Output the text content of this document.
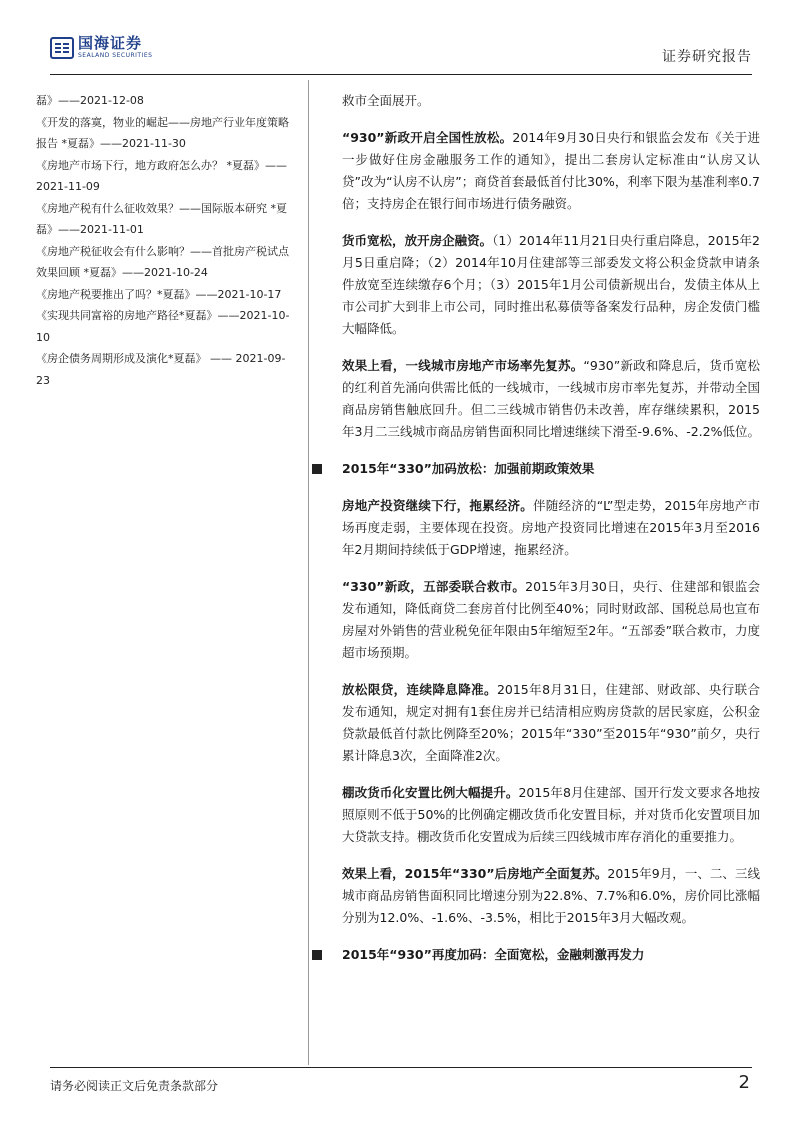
国海证券
SEALAND SECURITIES	证券研究报告
磊》——2021-12-08
《开发的落寞，物业的崛起——房地产行业年度策略报告 *夏磊》——2021-11-30
《房地产市场下行，地方政府怎么办？ *夏磊》——2021-11-09
《房地产税有什么征收效果？——国际版本研究 *夏磊》——2021-11-01
《房地产税征收会有什么影响？——首批房产税试点效果回顾 *夏磊》——2021-10-24
《房地产税要推出了吗？*夏磊》——2021-10-17
《实现共同富裕的房地产路径*夏磊》——2021-10-10
《房企债务周期形成及演化*夏磊》 —— 2021-09-23

救市全面展开。

“930”新政开启全国性放松。2014年9月30日央行和银监会发布《关于进一步做好住房金融服务工作的通知》，提出二套房认定标准由“认房又认贷”改为“认房不认房”；商贷首套最低首付比30%，利率下限为基准利率0.7倍；支持房企在银行间市场进行债务融资。

货币宽松，放开房企融资。（1）2014年11月21日央行重启降息，2015年2月5日重启降；（2）2014年10月住建部等三部委发文将公积金贷款申请条件放宽至连续缴存6个月；（3）2015年1月公司债新规出台，发债主体从上市公司扩大到非上市公司，同时推出私募债等备案发行品种，房企发债门槛大幅降低。

效果上看，一线城市房地产市场率先复苏。“930”新政和降息后，货币宽松的红利首先涌向供需比低的一线城市，一线城市房市率先复苏，并带动全国商品房销售触底回升。但二三线城市销售仍未改善，库存继续累积，2015年3月二三线城市商品房销售面积同比增速继续下滑至-9.6%、-2.2%低位。

2015年“330”加码放松：加强前期政策效果

房地产投资继续下行，拖累经济。伴随经济的“L”型走势，2015年房地产市场再度走弱，主要体现在投资。房地产投资同比增速在2015年3月至2016年2月期间持续低于GDP增速，拖累经济。

“330”新政，五部委联合救市。2015年3月30日，央行、住建部和银监会发布通知，降低商贷二套房首付比例至40%；同时财政部、国税总局也宣布房屋对外销售的营业税免征年限由5年缩短至2年。“五部委”联合救市，力度超市场预期。

放松限贷，连续降息降准。2015年8月31日，住建部、财政部、央行联合发布通知，规定对拥有1套住房并已结清相应购房贷款的居民家庭，公积金贷款最低首付款比例降至20%；2015年“330”至2015年“930”前夕，央行累计降息3次，全面降准2次。

棚改货币化安置比例大幅提升。2015年8月住建部、国开行发文要求各地按照原则不低于50%的比例确定棚改货币化安置目标，并对货币化安置项目加大贷款支持。棚改货币化安置成为后续三四线城市库存消化的重要推力。

效果上看，2015年“330”后房地产全面复苏。2015年9月，一、二、三线城市商品房销售面积同比增速分别为22.8%、7.7%和6.0%，房价同比涨幅分别为12.0%、-1.6%、-3.5%，相比于2015年3月大幅改观。

2015年“930”再度加码：全面宽松，金融刺激再发力
请务必阅读正文后免责条款部分	2
